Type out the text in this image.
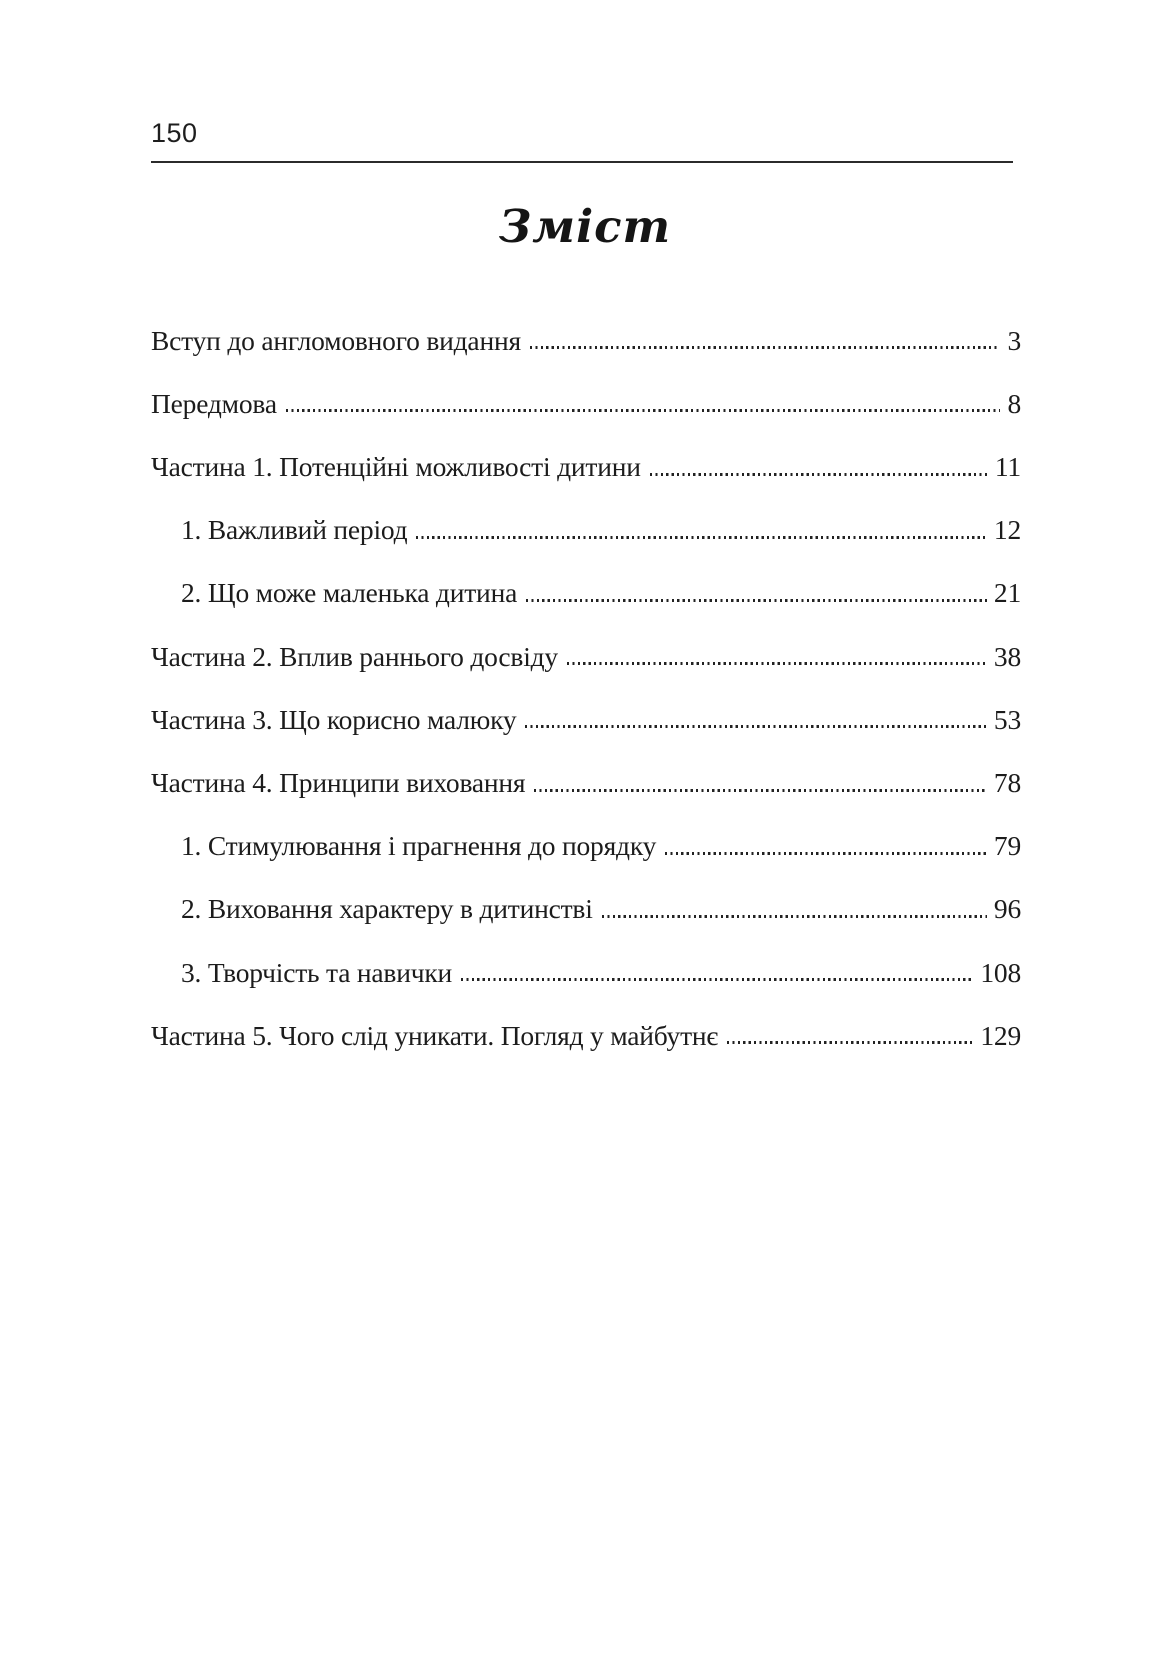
150
Зміст
Вступ до англомовного видання	3
Передмова	8
Частина 1. Потенційні можливості дитини	11
1. Важливий період	12
2. Що може маленька дитина	21
Частина 2. Вплив раннього досвіду	38
Частина 3. Що корисно малюку	53
Частина 4. Принципи виховання	78
1. Стимулювання і прагнення до порядку	79
2. Виховання характеру в дитинстві	96
3. Творчість та навички	108
Частина 5. Чого слід уникати. Погляд у майбутнє	129
